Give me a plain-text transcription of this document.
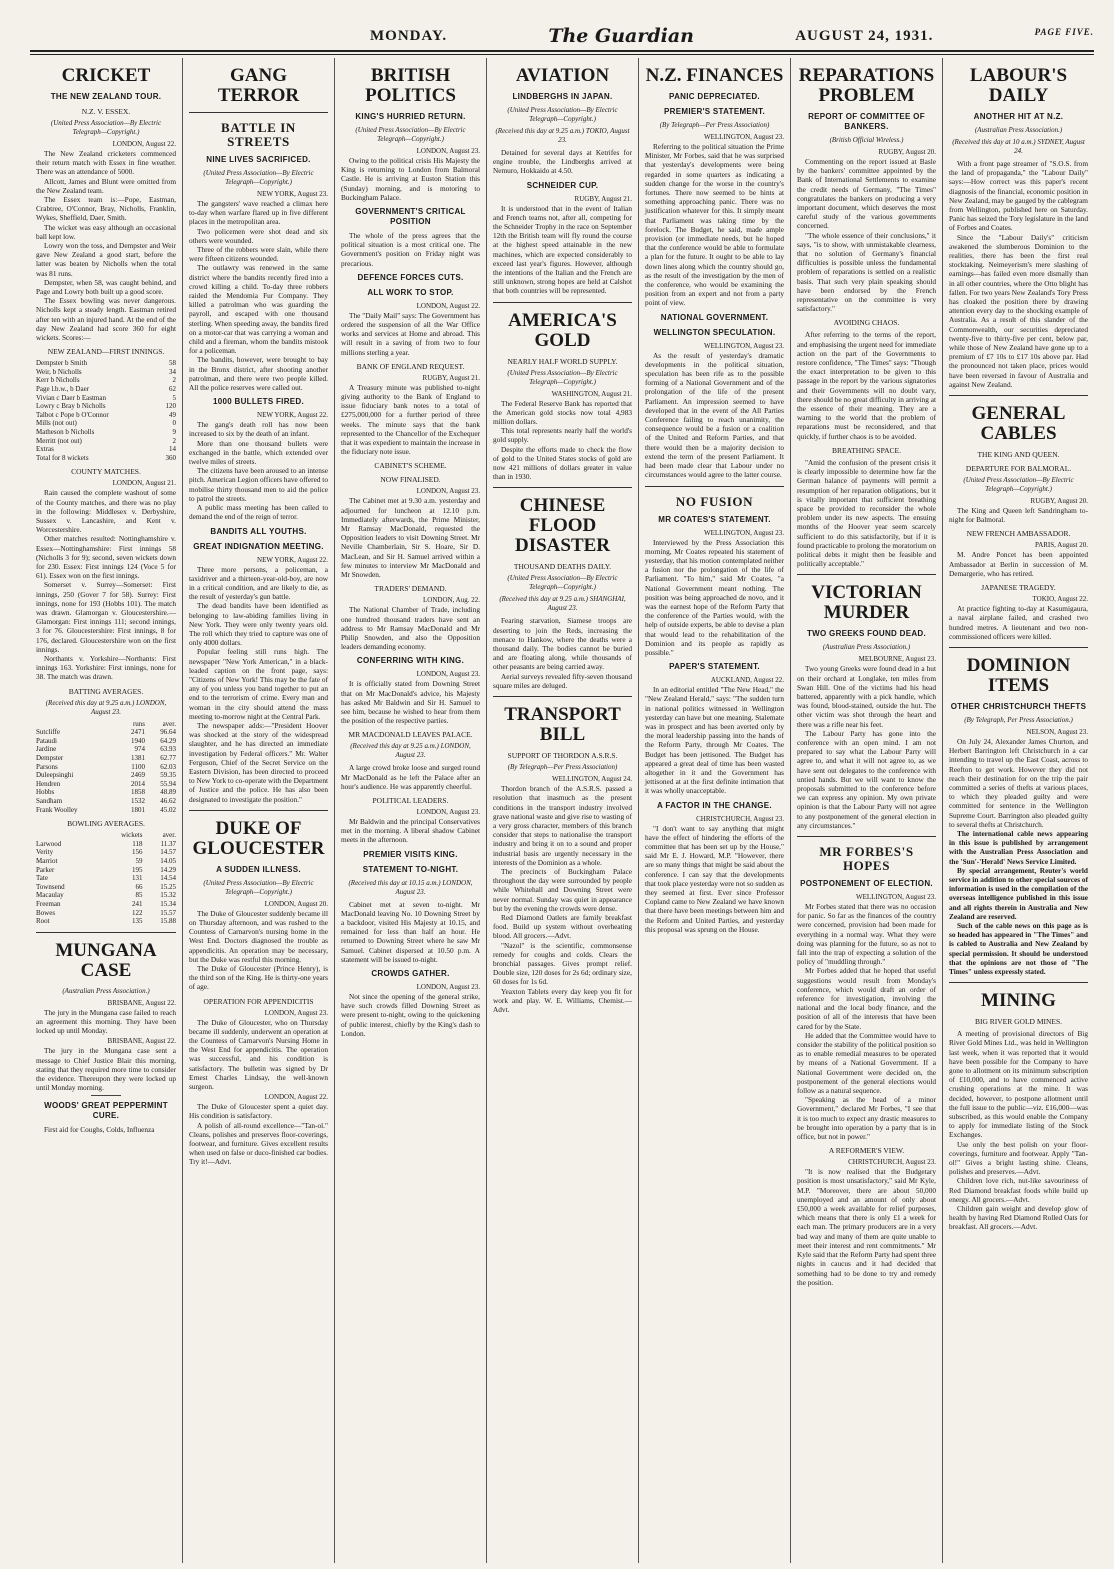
MONDAY.	The Guardian	AUGUST 24, 1931.	PAGE FIVE.
CRICKET
THE NEW ZEALAND TOUR.
N.Z. V. ESSEX.
(United Press Association—By Electric Telegraph—Copyright.)
LONDON, August 22.

The New Zealand cricketers commenced their return match with Essex in fine weather. There was an attendance of 5000.

Allcott, James and Blunt were omitted from the New Zealand team.

The Essex team is:—Pope, Eastman, Crabtree, O'Connor, Bray, Nicholls, Franklin, Wykes, Sheffield, Daer, Smith.

The wicket was easy although an occasional ball kept low.

Lowry won the toss, and Dempster and Weir gave New Zealand a good start, before the latter was beaten by Nicholls when the total was 81 runs.

Dempster, when 58, was caught behind, and Page and Lowry both built up a good score.

The Essex bowling was never dangerous. Nicholls kept a steady length. Eastman retired after ten with an injured hand. At the end of the day New Zealand had score 360 for eight wickets. Scores:—

NEW ZEALAND—FIRST INNINGS.
Dempster b Smith	58
Weir, b Nicholls	34
Kerr b Nicholls	2
Page l.b.w., b Daer	62
Vivian c Daer b Eastman	5
Lowry c Bray b Nicholls	120
Talbot c Pope b O'Connor	49
Mills (not out)	0
Matheson b Nicholls	9
Merritt (not out)	2
Extras	14
Total for 8 wickets	360
COUNTY MATCHES.
LONDON, August 21.

Rain caused the complete washout of some of the County matches, and there was no play in the following: Middlesex v. Derbyshire, Sussex v. Lancashire, and Kent v. Worcestershire.

Other matches resulted: Nottinghamshire v. Essex—Nottinghamshire: First innings 58 (Nicholls 3 for 9); second, seven wickets down for 230. Essex: First innings 124 (Voce 5 for 61). Essex won on the first innings.

Somerset v. Surrey—Somerset: First innings, 250 (Gover 7 for 58). Surrey: First innings, none for 193 (Hobbs 101). The match was drawn. Glamorgan v. Gloucestershire.—Glamorgan: First innings 111; second innings, 3 for 76. Gloucestershire: First innings, 8 for 176, declared. Gloucestershire won on the first innings.

Northants v. Yorkshire—Northants: First innings 163. Yorkshire: First innings, none for 38. The match was drawn.

BATTING AVERAGES.
(Received this day at 9.25 a.m.) LONDON, August 23.
	runs	aver.
Sutcliffe	2471	96.64
Pataudi	1940	64.29
Jardine	974	63.93
Dempster	1381	62.77
Parsons	1100	62.03
Duleepsinghi	2469	59.35
Hendren	2014	55.94
Hobbs	1858	48.89
Sandham	1532	46.62
Frank Woolley	1801	45.02
BOWLING AVERAGES.
	wickets	aver.
Larwood	118	11.37
Verity	156	14.57
Marriot	59	14.05
Parker	195	14.29
Tate	131	14.54
Townsend	66	15.25
Macaulay	85	15.32
Freeman	241	15.34
Bowes	122	15.57
Root	135	15.88
MUNGANA CASE
(Australian Press Association.)
BRISBANE, August 22.

The jury in the Mungana case failed to reach an agreement this morning. They have been locked up until Monday.

BRISBANE, August 22.

The jury in the Mungana case sent a message to Chief Justice Blair this morning, stating that they required more time to consider the evidence. Thereupon they were locked up until Monday morning.

WOODS' GREAT PEPPERMINT CURE.

First aid for Coughs, Colds, Influenza

GANG TERROR
BATTLE IN STREETS
NINE LIVES SACRIFICED.
(United Press Association—By Electric Telegraph—Copyright.)
NEW YORK, August 23.

The gangsters' wave reached a climax here to-day when warfare flared up in five different places in the metropolitan area.

Two policemen were shot dead and six others were wounded.

Three of the robbers were slain, while there were fifteen citizens wounded.

The outlawry was renewed in the same district where the bandits recently fired into a crowd killing a child. To-day three robbers raided the Mendomia Fur Company. They killed a patrolman who was guarding the payroll, and escaped with one thousand sterling. When speeding away, the bandits fired on a motor-car that was carrying a woman and child and a fireman, whom the bandits mistook for a policeman.

The bandits, however, were brought to bay in the Bronx district, after shooting another patrolman, and there were two people killed. All the police reserves were called out.

1000 BULLETS FIRED.
NEW YORK, August 22.

The gang's death roll has now been increased to six by the death of an infant.

More than one thousand bullets were exchanged in the battle, which extended over twelve miles of streets.

The citizens have been aroused to an intense pitch. American Legion officers have offered to mobilise thirty thousand men to aid the police to patrol the streets.

A public mass meeting has been called to demand the end of the reign of terror.

BANDITS ALL YOUTHS.
GREAT INDIGNATION MEETING.
NEW YORK, August 22.

Three more persons, a policeman, a taxidriver and a thirteen-year-old-boy, are now in a critical condition, and are likely to die, as the result of yesterday's gun battle.

The dead bandits have been identified as belonging to law-abiding families living in New York. They were only twenty years old. The roll which they tried to capture was one of only 4000 dollars.

Popular feeling still runs high. The newspaper "New York American," in a black-leaded caption on the front page, says: "Citizens of New York! This may be the fate of any of you unless you band together to put an end to the terrorism of crime. Every man and woman in the city should attend the mass meeting to-morrow night at the Central Park.

The newspaper adds:—"President Hoover was shocked at the story of the widespread slaughter, and he has directed an immediate investigation by Federal officers." Mr. Walter Ferguson, Chief of the Secret Service on the Eastern Division, has been directed to proceed to New York to co-operate with the Department of Justice and the police. He has also been designated to investigate the position."

DUKE OF GLOUCESTER
A SUDDEN ILLNESS.
(United Press Association—By Electric Telegraph—Copyright.)
LONDON, August 20.

The Duke of Gloucester suddenly became ill on Thursday afternoon, and was rushed to the Countess of Carnarvon's nursing home in the West End. Doctors diagnosed the trouble as appendicitis. An operation may be necessary, but the Duke was restful this morning.

The Duke of Gloucester (Prince Henry), is the third son of the King. He is thirty-one years of age.

OPERATION FOR APPENDICITIS
LONDON, August 23.

The Duke of Gloucester, who on Thursday became ill suddenly, underwent an operation at the Countess of Carnarvon's Nursing Home in the West End for appendicitis. The operation was successful, and his condition is satisfactory. The bulletin was signed by Dr Ernest Charles Lindsay, the well-known surgeon.

LONDON, August 22.

The Duke of Gloucester spent a quiet day. His condition is satisfactory.

A polish of all-round excellence—"Tan-ol." Cleans, polishes and preserves floor-coverings, footwear, and furniture. Gives excellent results when used on false or duco-finished car bodies. Try it!—Advt.

BRITISH POLITICS
KING'S HURRIED RETURN.
(United Press Association—By Electric Telegraph—Copyright.)
LONDON, August 23.

Owing to the political crisis His Majesty the King is returning to London from Balmoral Castle. He is arriving at Euston Station this (Sunday) morning, and is motoring to Buckingham Palace.

GOVERNMENT'S CRITICAL POSITION

The whole of the press agrees that the political situation is a most critical one. The Government's position on Friday night was precarious.

DEFENCE FORCES CUTS.
ALL WORK TO STOP.
LONDON, August 22.

The "Daily Mail" says: The Government has ordered the suspension of all the War Office works and services at Home and abroad. This will result in a saving of from two to four millions sterling a year.

BANK OF ENGLAND REQUEST.
RUGBY, August 21.

A Treasury minute was published to-night giving authority to the Bank of England to issue fiduciary bank notes to a total of £275,000,000 for a further period of three weeks. The minute says that the bank represented to the Chancellor of the Exchequer that it was expedient to maintain the increase in the fiduciary note issue.

CABINET'S SCHEME.
NOW FINALISED.
LONDON, August 23.

The Cabinet met at 9.30 a.m. yesterday and adjourned for luncheon at 12.10 p.m. Immediately afterwards, the Prime Minister, Mr Ramsay MacDonald, requested the Opposition leaders to visit Downing Street. Mr Neville Chamberlain, Sir S. Hoare, Sir D. MacLean, and Sir H. Samuel arrived within a few minutes to interview Mr MacDonald and Mr Snowden.

TRADERS' DEMAND.
LONDON, Aug. 22.

The National Chamber of Trade, including one hundred thousand traders have sent an address to Mr Ramsay MacDonald and Mr Philip Snowden, and also the Opposition leaders demanding economy.

CONFERRING WITH KING.
LONDON, August 23.

It is officially stated from Downing Street that on Mr MacDonald's advice, his Majesty has asked Mr Baldwin and Sir H. Samuel to see him, because he wished to hear from them the position of the respective parties.

MR MACDONALD LEAVES PALACE.
(Received this day at 9.25 a.m.) LONDON, August 23.

A large crowd broke loose and surged round Mr MacDonald as he left the Palace after an hour's audience. He was apparently cheerful.

POLITICAL LEADERS.
LONDON, August 23.

Mr Baldwin and the principal Conservatives met in the morning. A liberal shadow Cabinet meets in the afternoon.

PREMIER VISITS KING.
STATEMENT TO-NIGHT.
(Received this day at 10.15 a.m.) LONDON, August 23.

Cabinet met at seven to-night. Mr MacDonald leaving No. 10 Downing Street by a backdoor, visited His Majesty at 10.15, and remained for less than half an hour. He returned to Downing Street where he saw Mr Samuel. Cabinet dispersed at 10.50 p.m. A statement will be issued to-night.

CROWDS GATHER.
LONDON, August 23.

Not since the opening of the general strike, have such crowds filled Downing Street as were present to-night, owing to the quickening of public interest, chiefly by the King's dash to London.

AVIATION
LINDBERGHS IN JAPAN.
(United Press Association—By Electric Telegraph—Copyright.)
(Received this day at 9.25 a.m.) TOKIO, August 23.

Detained for several days at Ketrifes for engine trouble, the Lindberghs arrived at Nemuro, Hokkaido at 4.50.

SCHNEIDER CUP.
RUGBY, August 21.

It is understood that in the event of Italian and French teams not, after all, competing for the Schneider Trophy in the race on September 12th the British team will fly round the course at the highest speed attainable in the new machines, which are expected considerably to exceed last year's figures. However, although the intentions of the Italian and the French are still unknown, strong hopes are held at Calshot that both countries will be represented.

AMERICA'S GOLD
NEARLY HALF WORLD SUPPLY.
(United Press Association—By Electric Telegraph—Copyright.)
WASHINGTON, August 21.

The Federal Reserve Bank has reported that the American gold stocks now total 4,983 million dollars.

This total represents nearly half the world's gold supply.

Despite the efforts made to check the flow of gold to the United States stocks of gold are now 421 millions of dollars greater in value than in 1930.

CHINESE FLOOD DISASTER
THOUSAND DEATHS DAILY.
(United Press Association—By Electric Telegraph—Copyright.)
(Received this day at 9.25 a.m.) SHANGHAI, August 23.

Fearing starvation, Siamese troops are deserting to join the Reds, increasing the menace to Hankow, where the deaths were a thousand daily. The bodies cannot be buried and are floating along, while thousands of other peasants are being carried away.

Aerial surveys revealed fifty-seven thousand square miles are deluged.

TRANSPORT BILL
SUPPORT OF THORDON A.S.R.S.
(By Telegraph—Per Press Association)
WELLINGTON, August 24.

Thordon branch of the A.S.R.S. passed a resolution that inasmuch as the present conditions in the transport industry involved grave national waste and give rise to wasting of a very gross character, members of this branch consider that steps to nationalise the transport industry and bring it on to a sound and proper industrial basis are urgently necessary in the interests of the Dominion as a whole.

The precincts of Buckingham Palace throughout the day were surrounded by people while Whitehall and Downing Street were never normal. Sunday was quiet in appearance but by the evening the crowds were dense.

Red Diamond Oatlets are family breakfast food. Build up system without overheating blood. All grocers.—Advt.

"Nazol" is the scientific, commonsense remedy for coughs and colds. Clears the bronchial passages. Gives prompt relief. Double size, 120 doses for 2s 6d; ordinary size, 60 doses for 1s 6d.

Yeaxton Tablets every day keep you fit for work and play. W. E. Williams, Chemist.—Advt.

N.Z. FINANCES
PANIC DEPRECIATED.
PREMIER'S STATEMENT.
(By Telegraph—Per Press Association)
WELLINGTON, August 23.

Referring to the political situation the Prime Minister, Mr Forbes, said that he was surprised that yesterday's developments were being regarded in some quarters as indicating a sudden change for the worse in the country's fortunes. There now seemed to be hints at something approaching panic. There was no justification whatever for this. It simply meant that Parliament was taking time by the forelock. The Budget, he said, made ample provision (or immediate needs, but he hoped that the conference would be able to formulate a plan for the future. It ought to be able to lay down lines along which the country should go, as the result of the investigation by the men of the conference, who would be examining the position from an expert and not from a party point of view.

NATIONAL GOVERNMENT.
WELLINGTON SPECULATION.
WELLINGTON, August 23.

As the result of yesterday's dramatic developments in the political situation, speculation has been rife as to the possible forming of a National Government and of the prolongation of the life of the present Parliament. An impression seemed to have developed that in the event of the All Parties Conference failing to reach unanimity, the consequence would be a fusion or a coalition of the United and Reform Parties, and that there would then be a majority decision to extend the term of the present Parliament. It had been made clear that Labour under no circumstances would agree to the latter course.

NO FUSION
MR COATES'S STATEMENT.
WELLINGTON, August 23.

Interviewed by the Press Association this morning, Mr Coates repeated his statement of yesterday, that his motion contemplated neither a fusion nor the prolongation of the life of Parliament. "To him," said Mr Coates, "a National Government meant nothing. The position was being approached de novo, and it was the earnest hope of the Reform Party that the conference of the Parties would, with the help of outside experts, be able to devise a plan that would lead to the rehabilitation of the Dominion and its people as rapidly as possible."

PAPER'S STATEMENT.
AUCKLAND, August 22.

In an editorial entitled "The New Head," the "New Zealand Herald," says: "The sudden turn in national politics witnessed in Wellington yesterday can have but one meaning. Stalemate was in prospect and has been averted only by the moral leadership passing into the hands of the Reform Party, through Mr Coates. The Budget has been jettisoned. The Budget has appeared a great deal of time has been wasted altogether in it and the Government has jettisoned at at the first definite intimation that it was wholly unacceptable.

A FACTOR IN THE CHANGE.
CHRISTCHURCH, August 23.

"I don't want to say anything that might have the effect of hindering the efforts of the committee that has been set up by the House," said Mr E. J. Howard, M.P. "However, there are so many things that might be said about the conference. I can say that the developments that took place yesterday were not so sudden as they seemed at first. Ever since Professor Copland came to New Zealand we have known that there have been meetings between him and the Reform and United Parties, and yesterday this proposal was sprung on the House.

REPARATIONS PROBLEM
REPORT OF COMMITTEE OF BANKERS.
(British Official Wireless.)
RUGBY, August 20.

Commenting on the report issued at Basle by the bankers' committee appointed by the Bank of International Settlements to examine the credit needs of Germany, "The Times" congratulates the bankers on producing a very important document, which deserves the most careful study of the various governments concerned.

"The whole essence of their conclusions," it says, "is to show, with unmistakable clearness, that no solution of Germany's financial difficulties is possible unless the fundamental problem of reparations is settled on a realistic basis. That such very plain speaking should have been endorsed by the French representative on the committee is very satisfactory."

AVOIDING CHAOS.

After referring to the terms of the report, and emphasising the urgent need for immediate action on the part of the Governments to restore confidence, "The Times" says: "Though the exact interpretation to be given to this passage in the report by the various signatories and their Governments will no doubt vary, there should be no great difficulty in arriving at the essence of their meaning. They are a warning to the world that the problem of reparations must be reconsidered, and that quickly, if further chaos is to be avoided.

BREATHING SPACE.

"Amid the confusion of the present crisis it is clearly impossible to determine how far the German balance of payments will permit a resumption of her reparation obligations, but it is vitally important that sufficient breathing space be provided to reconsider the whole problem under its new aspects. The ensuing months of the Hoover year seem scarcely sufficient to do this satisfactorily, but if it is found practicable to prolong the moratorium on political debts it might then be feasible and politically acceptable."

VICTORIAN MURDER
TWO GREEKS FOUND DEAD.
(Australian Press Association.)
MELBOURNE, August 23.

Two young Greeks were found dead in a hut on their orchard at Longlake, ten miles from Swan Hill. One of the victims had his head battered, apparently with a pick handle, which was found, blood-stained, outside the hut. The other victim was shot through the heart and there was a rifle near his feet.

The Labour Party has gone into the conference with an open mind. I am not prepared to say what the Labour Party will agree to, and what it will not agree to, as we have sent out delegates to the conference with untied hands. But we will want to know the proposals submitted to the conference before we can express any opinion. My own private opinion is that the Labour Party will not agree to any postponement of the general election in any circumstances."

MR FORBES'S HOPES
POSTPONEMENT OF ELECTION.
WELLINGTON, August 23.

Mr Forbes stated that there was no occasion for panic. So far as the finances of the country were concerned, provision had been made for everything in a normal way. What they were doing was planning for the future, so as not to fall into the trap of expecting a solution of the policy of "muddling through."

Mr Forbes added that he hoped that useful suggestions would result from Monday's conference, which would draft an order of reference for investigation, involving the national and the local body finance, and the position of all of the interests that have been cared for by the State.

He added that the Committee would have to consider the stability of the political position so as to enable remedial measures to be operated by means of a National Government. If a National Government were decided on, the postponement of the general elections would follow as a natural sequence.

"Speaking as the head of a minor Government," declared Mr Forbes, "I see that it is too much to expect any drastic measures to be brought into operation by a party that is in office, but not in power."

A REFORMER'S VIEW.
CHRISTCHURCH, August 23.

"It is now realised that the Budgetary position is most unsatisfactory," said Mr Kyle, M.P. "Moreover, there are about 50,000 unemployed and an amount of only about £50,000 a week available for relief purposes, which means that there is only £1 a week for each man. The primary producers are in a very bad way and many of them are quite unable to meet their interest and rent commitments." Mr Kyle said that the Reform Party had spent three nights in caucus and it had decided that something had to be done to try and remedy the position.

LABOUR'S DAILY
ANOTHER HIT AT N.Z.
(Australian Press Association.)
(Received this day at 10 a.m.) SYDNEY, August 24.

With a front page streamer of "S.O.S. from the land of propaganda," the "Labour Daily" says:—How correct was this paper's recent diagnosis of the financial, economic position in New Zealand, may be gauged by the cablegram from Wellington, published here on Saturday. Panic has seized the Tory legislature in the land of Forbes and Coates.

Since the "Labour Daily's" criticism awakened the slumberous Dominion to the realities, there has been the first real stocktaking. Neimeyerism's mere slashing of earnings—has failed even more dismally than in all other countries, where the Otto blight has fallen. For two years New Zealand's Tory Press has cloaked the position there by drawing attention every day to the shocking example of Australia. As a result of this slander of the Commonwealth, our securities depreciated twenty-five to thirty-five per cent, below par, while those of New Zealand have gone up to a premium of £7 10s to £17 10s above par. Had the pronounced not taken place, prices would have been reversed in favour of Australia and against New Zealand.

GENERAL CABLES
THE KING AND QUEEN.
DEPARTURE FOR BALMORAL.
(United Press Association—By Electric Telegraph—Copyright.)
RUGBY, August 20.

The King and Queen left Sandringham to-night for Balmoral.

NEW FRENCH AMBASSADOR.
PARIS, August 20.

M. Andre Poncet has been appointed Ambassador at Berlin in succession of M. Demargerie, who has retired.

JAPANESE TRAGEDY.
TOKIO, August 22.

At practice fighting to-day at Kasumigaura, a naval airplane failed, and crashed two hundred metres. A lieutenant and two non-commissioned officers were killed.

DOMINION ITEMS
OTHER CHRISTCHURCH THEFTS
(By Telegraph, Per Press Association.)
NELSON, August 23.

On July 24, Alexander James Churton, and Herbert Barrington left Christchurch in a car intending to travel up the East Coast, across to Reefton to get work. However they did not reach their destination for on the trip the pair committed a series of thefts at various places, to which they pleaded guilty and were committed for sentence in the Wellington Supreme Court. Barrington also pleaded guilty to several thefts at Christchurch.

The international cable news appearing in this issue is published by arrangement with the Australian Press Association and the 'Sun'-'Herald' News Service Limited.

By special arrangement, Reuter's world service in addition to other special sources of information is used in the compilation of the overseas intelligence published in this issue and all rights therein in Australia and New Zealand are reserved.

Such of the cable news on this page as is so headed has appeared in "The Times" and is cabled to Australia and New Zealand by special permission. It should be understood that the opinions are not those of "The Times" unless expressly stated.

MINING
BIG RIVER GOLD MINES.

A meeting of provisional directors of Big River Gold Mines Ltd., was held in Wellington last week, when it was reported that it would have been possible for the Company to have gone to allotment on its minimum subscription of £10,000, and to have commenced active crushing operations at the mine. It was decided, however, to postpone allotment until the full issue to the public—viz. £16,000—was subscribed, as this would enable the Company to apply for immediate listing of the Stock Exchanges.

Use only the best polish on your floor-coverings, furniture and footwear. Apply "Tan-ol!" Gives a bright lasting shine. Cleans, polishes and preserves.—Advt.

Children love rich, nut-like savouriness of Red Diamond breakfast foods while build up energy. All grocers.—Advt.

Children gain weight and develop glow of health by having Red Diamond Rolled Oats for breakfast. All grocers.—Advt.
